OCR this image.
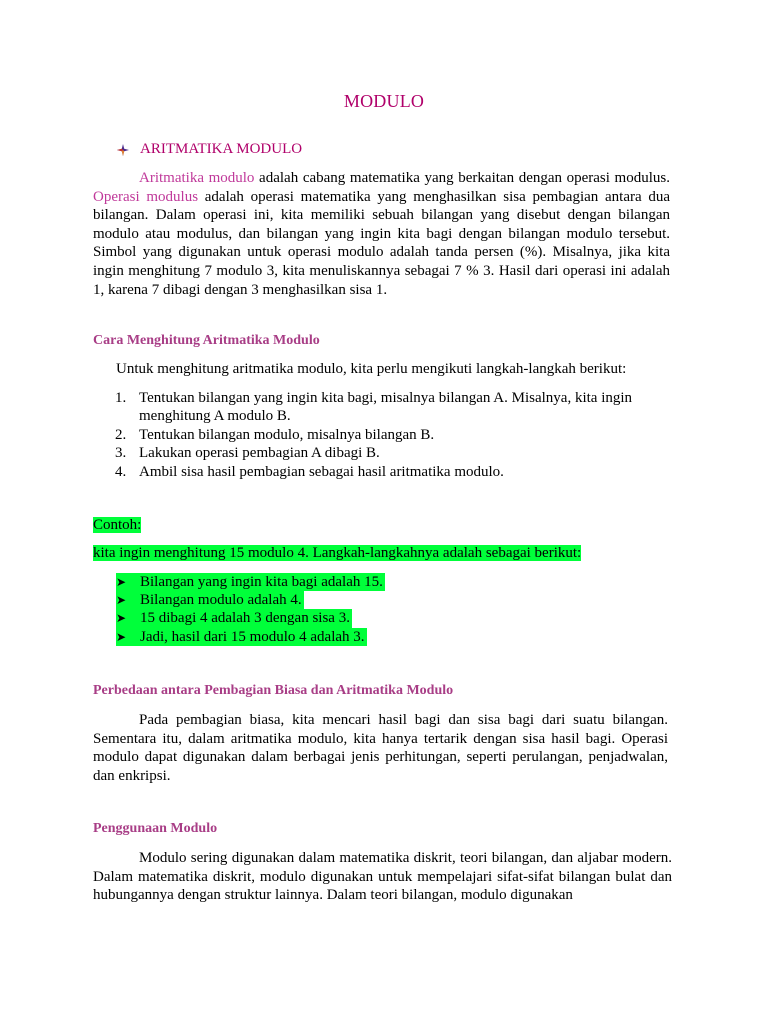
MODULO
ARITMATIKA MODULO
Aritmatika modulo adalah cabang matematika yang berkaitan dengan operasi modulus. Operasi modulus adalah operasi matematika yang menghasilkan sisa pembagian antara dua bilangan. Dalam operasi ini, kita memiliki sebuah bilangan yang disebut dengan bilangan modulo atau modulus, dan bilangan yang ingin kita bagi dengan bilangan modulo tersebut. Simbol yang digunakan untuk operasi modulo adalah tanda persen (%). Misalnya, jika kita ingin menghitung 7 modulo 3, kita menuliskannya sebagai 7 % 3. Hasil dari operasi ini adalah 1, karena 7 dibagi dengan 3 menghasilkan sisa 1.
Cara Menghitung Aritmatika Modulo
Untuk menghitung aritmatika modulo, kita perlu mengikuti langkah-langkah berikut:
1. Tentukan bilangan yang ingin kita bagi, misalnya bilangan A. Misalnya, kita ingin menghitung A modulo B.
2. Tentukan bilangan modulo, misalnya bilangan B.
3. Lakukan operasi pembagian A dibagi B.
4. Ambil sisa hasil pembagian sebagai hasil aritmatika modulo.
Contoh:
kita ingin menghitung 15 modulo 4. Langkah-langkahnya adalah sebagai berikut:
➤ Bilangan yang ingin kita bagi adalah 15.
➤ Bilangan modulo adalah 4.
➤ 15 dibagi 4 adalah 3 dengan sisa 3.
➤ Jadi, hasil dari 15 modulo 4 adalah 3.
Perbedaan antara Pembagian Biasa dan Aritmatika Modulo
Pada pembagian biasa, kita mencari hasil bagi dan sisa bagi dari suatu bilangan. Sementara itu, dalam aritmatika modulo, kita hanya tertarik dengan sisa hasil bagi. Operasi modulo dapat digunakan dalam berbagai jenis perhitungan, seperti perulangan, penjadwalan, dan enkripsi.
Penggunaan Modulo
Modulo sering digunakan dalam matematika diskrit, teori bilangan, dan aljabar modern. Dalam matematika diskrit, modulo digunakan untuk mempelajari sifat-sifat bilangan bulat dan hubungannya dengan struktur lainnya. Dalam teori bilangan, modulo digunakan
